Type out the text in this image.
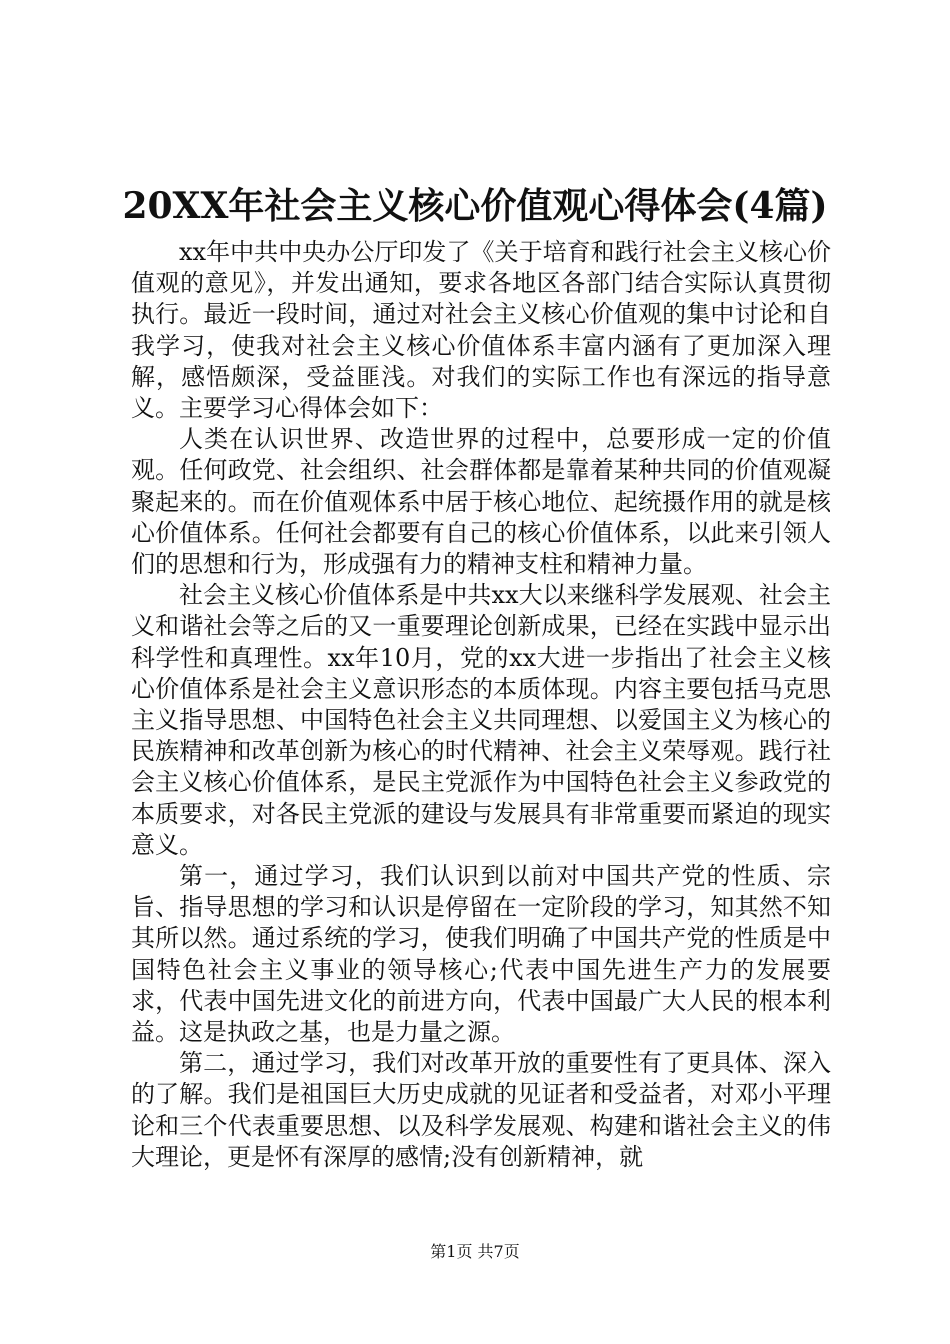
20XX年社会主义核心价值观心得体会(4篇)

xx年中共中央办公厅印发了《关于培育和践行社会主义核心价值观的意见》，并发出通知，要求各地区各部门结合实际认真贯彻执行。最近一段时间，通过对社会主义核心价值观的集中讨论和自我学习，使我对社会主义核心价值体系丰富内涵有了更加深入理解，感悟颇深，受益匪浅。对我们的实际工作也有深远的指导意义。主要学习心得体会如下：

人类在认识世界、改造世界的过程中，总要形成一定的价值观。任何政党、社会组织、社会群体都是靠着某种共同的价值观凝聚起来的。而在价值观体系中居于核心地位、起统摄作用的就是核心价值体系。任何社会都要有自己的核心价值体系，以此来引领人们的思想和行为，形成强有力的精神支柱和精神力量。

社会主义核心价值体系是中共xx大以来继科学发展观、社会主义和谐社会等之后的又一重要理论创新成果，已经在实践中显示出科学性和真理性。xx年10月，党的xx大进一步指出了社会主义核心价值体系是社会主义意识形态的本质体现。内容主要包括马克思主义指导思想、中国特色社会主义共同理想、以爱国主义为核心的民族精神和改革创新为核心的时代精神、社会主义荣辱观。践行社会主义核心价值体系，是民主党派作为中国特色社会主义参政党的本质要求，对各民主党派的建设与发展具有非常重要而紧迫的现实意义。

第一，通过学习，我们认识到以前对中国共产党的性质、宗旨、指导思想的学习和认识是停留在一定阶段的学习，知其然不知其所以然。通过系统的学习，使我们明确了中国共产党的性质是中国特色社会主义事业的领导核心;代表中国先进生产力的发展要求，代表中国先进文化的前进方向，代表中国最广大人民的根本利益。这是执政之基，也是力量之源。

第二，通过学习，我们对改革开放的重要性有了更具体、深入的了解。我们是祖国巨大历史成就的见证者和受益者，对邓小平理论和三个代表重要思想、以及科学发展观、构建和谐社会主义的伟大理论，更是怀有深厚的感情;没有创新精神，就

第1页 共7页
